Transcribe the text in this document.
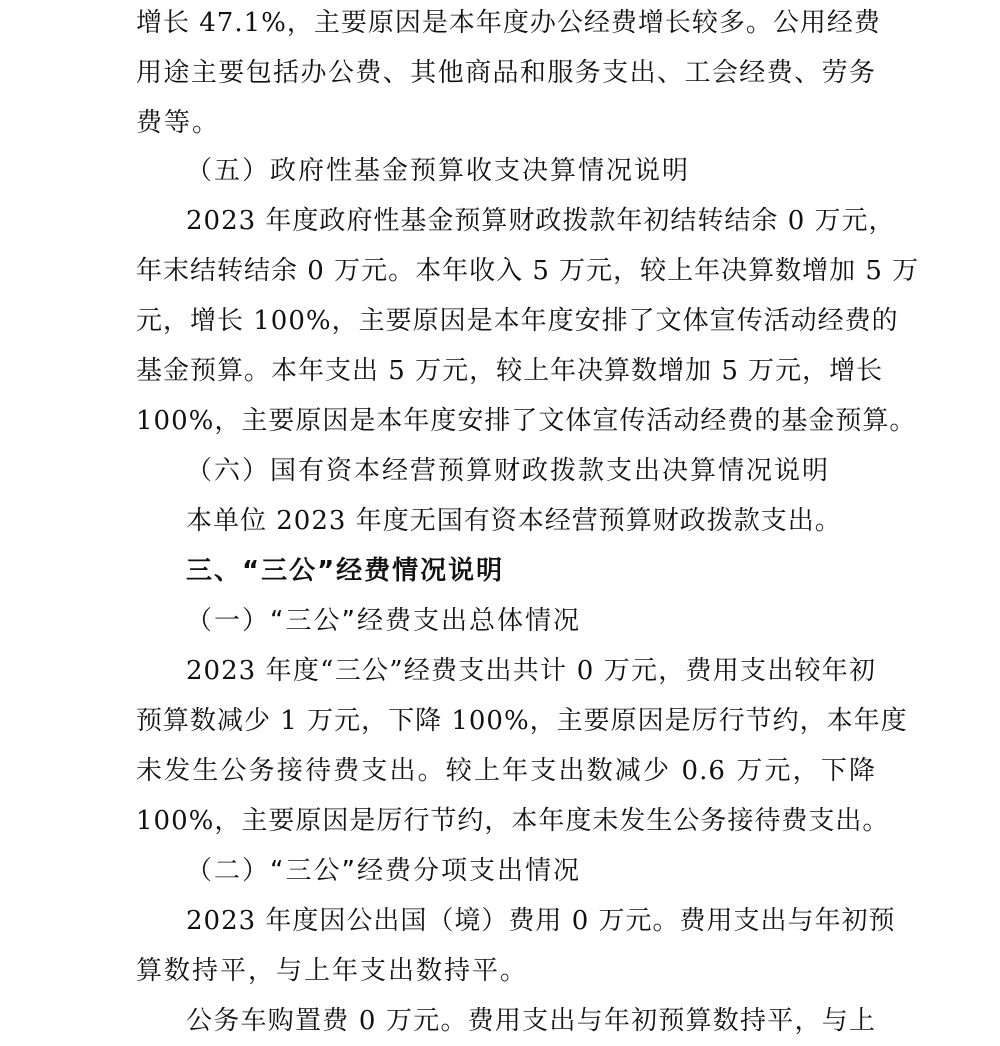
增长 47.1%，主要原因是本年度办公经费增长较多。公用经费
用途主要包括办公费、其他商品和服务支出、工会经费、劳务
费等。
（五）政府性基金预算收支决算情况说明
2023 年度政府性基金预算财政拨款年初结转结余 0 万元，
年末结转结余 0 万元。本年收入 5 万元，较上年决算数增加 5 万
元，增长 100%，主要原因是本年度安排了文体宣传活动经费的
基金预算。本年支出 5 万元，较上年决算数增加 5 万元，增长
100%，主要原因是本年度安排了文体宣传活动经费的基金预算。
（六）国有资本经营预算财政拨款支出决算情况说明
本单位 2023 年度无国有资本经营预算财政拨款支出。
三、“三公”经费情况说明
（一）“三公”经费支出总体情况
2023 年度“三公”经费支出共计 0 万元，费用支出较年初
预算数减少 1 万元，下降 100%，主要原因是厉行节约，本年度
未发生公务接待费支出。较上年支出数减少 0.6 万元，下降
100%，主要原因是厉行节约，本年度未发生公务接待费支出。
（二）“三公”经费分项支出情况
2023 年度因公出国（境）费用 0 万元。费用支出与年初预
算数持平，与上年支出数持平。
公务车购置费 0 万元。费用支出与年初预算数持平，与上
